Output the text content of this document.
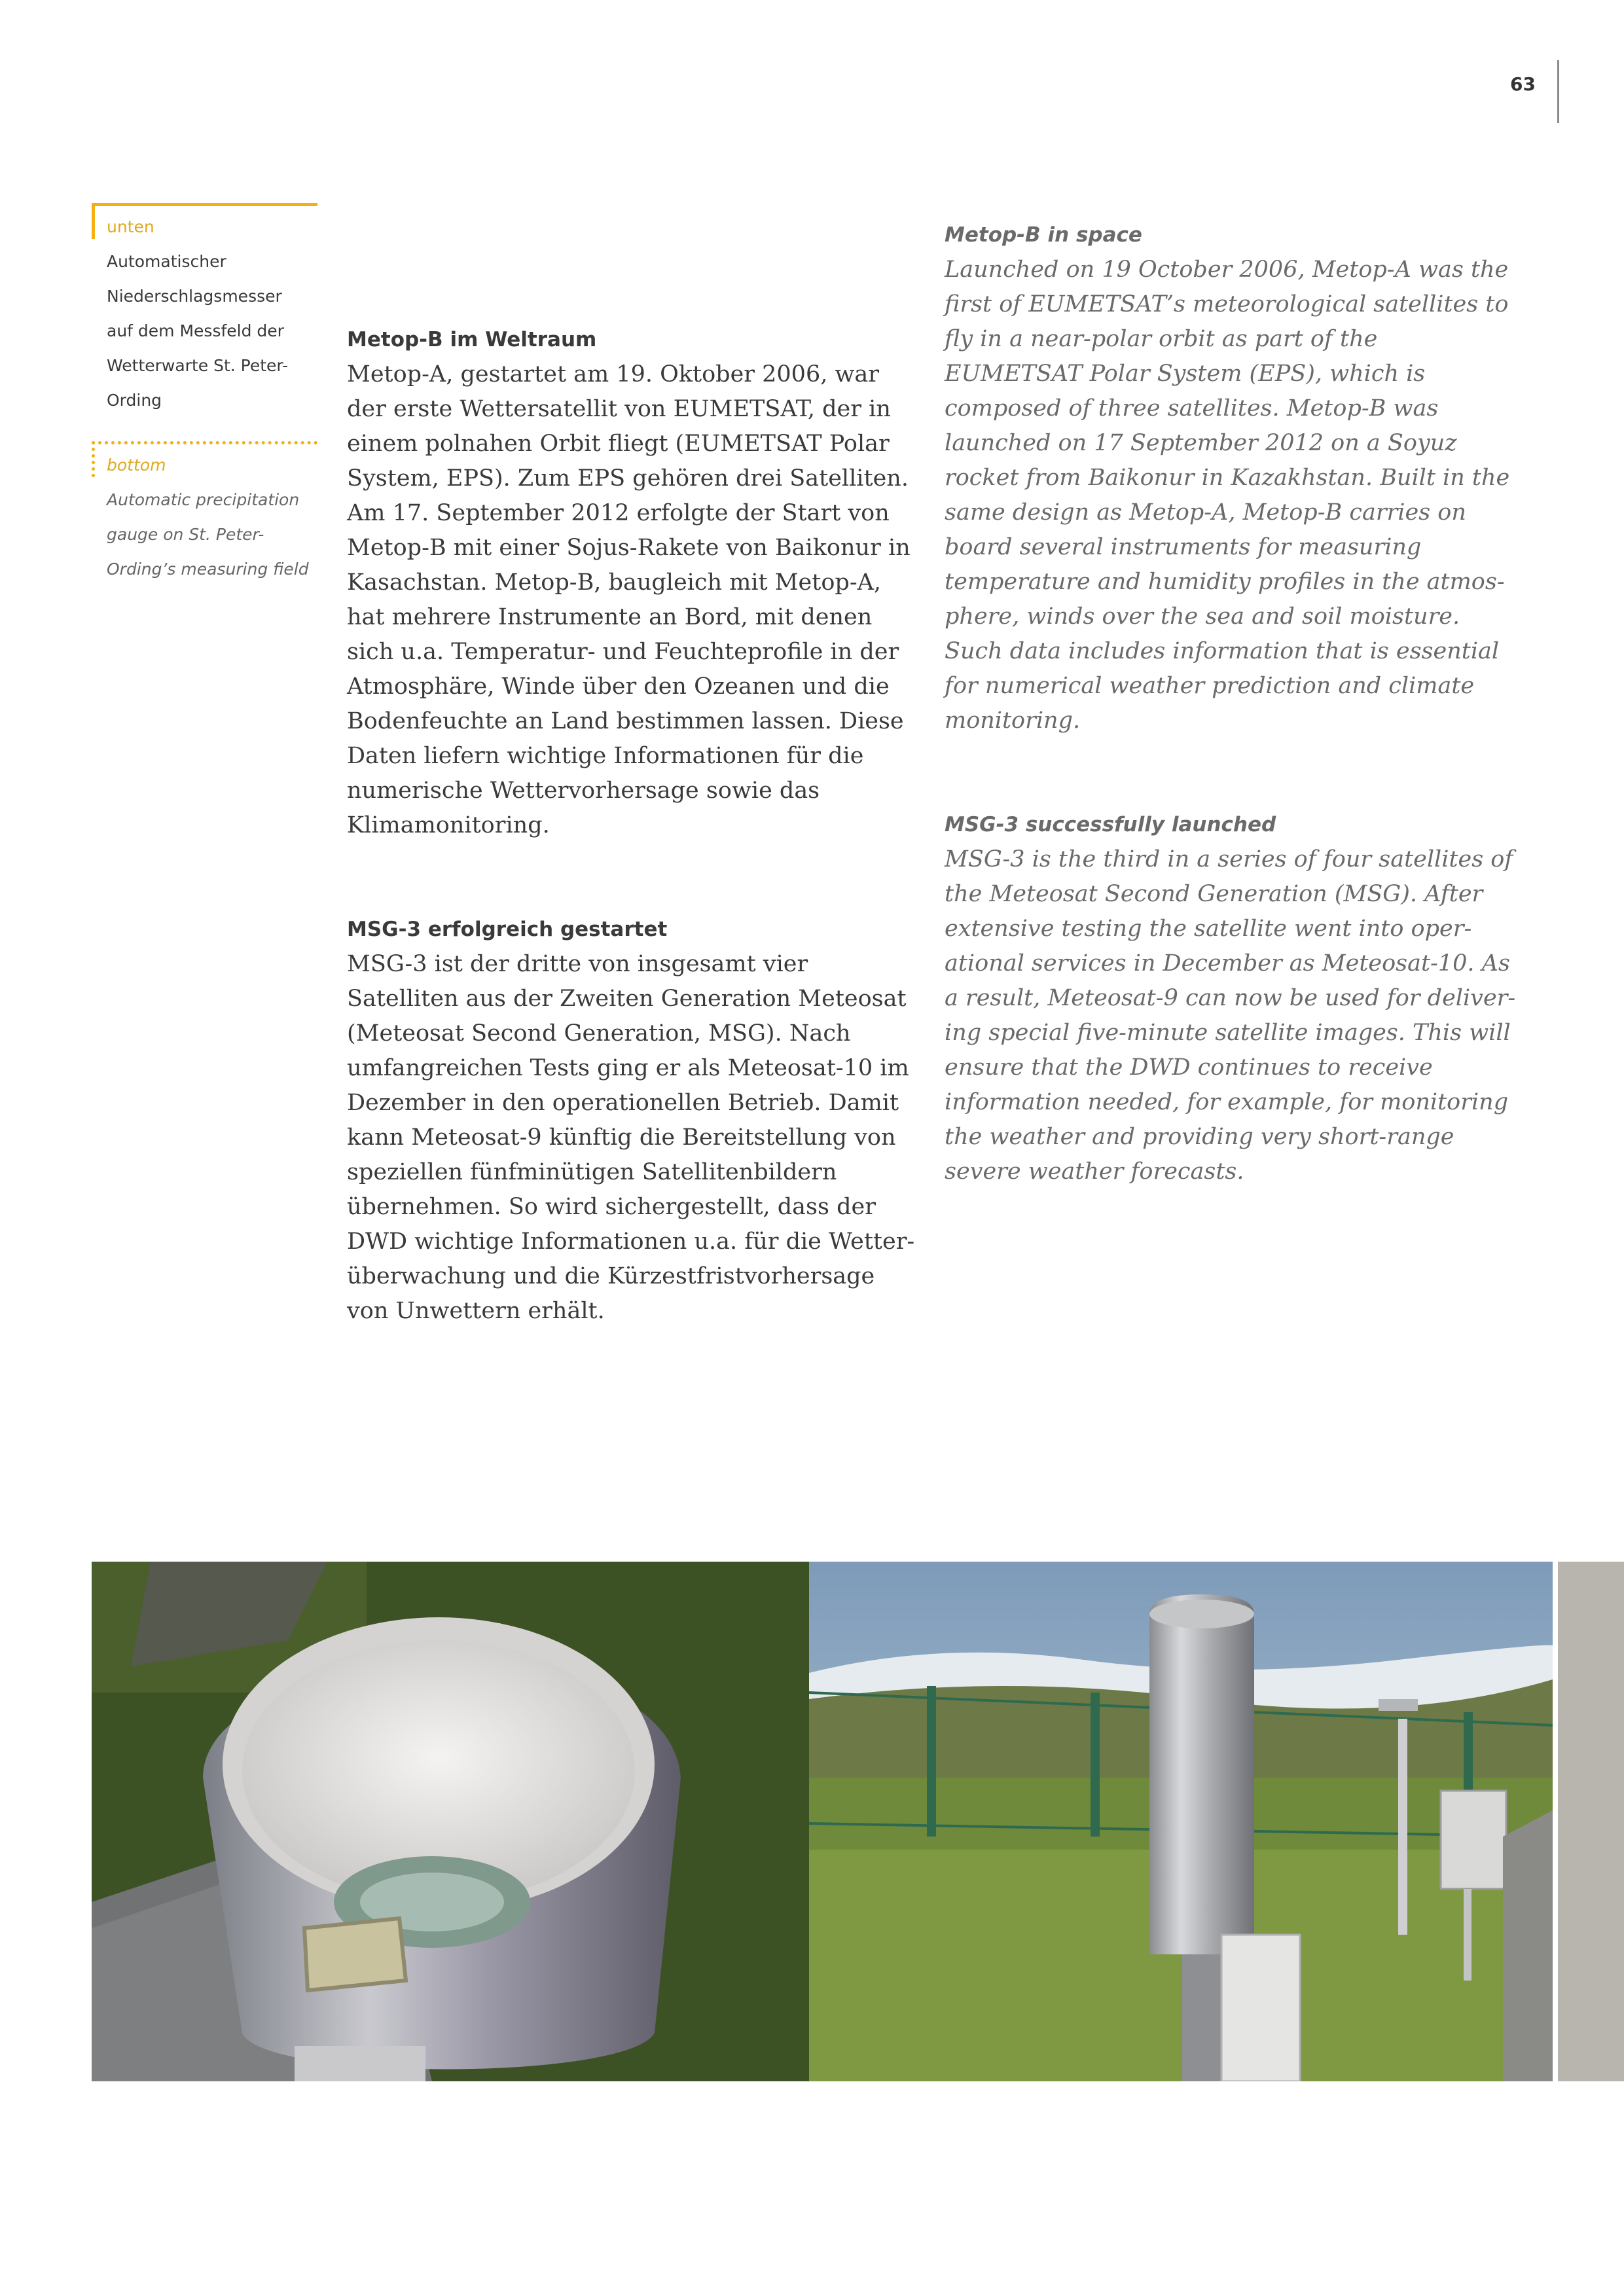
63
unten
Automatischer
Niederschlagsmesser
auf dem Messfeld der
Wetterwarte St. Peter-
Ording
bottom
Automatic precipitation
gauge on St. Peter-
Ording’s measuring field
Metop-B im Weltraum

Metop-A, gestartet am 19. Oktober 2006, war der erste Wettersatellit von EUMETSAT, der in einem polnahen Orbit fliegt (EUMETSAT Polar System, EPS). Zum EPS gehören drei Satelliten. Am 17. September 2012 erfolgte der Start von Metop-B mit einer Sojus-Rakete von Baikonur in Kasachstan. Metop-B, baugleich mit Metop-A, hat mehrere Instrumente an Bord, mit denen sich u.a. Temperatur- und Feuchteprofile in der Atmosphäre, Winde über den Ozeanen und die Bodenfeuchte an Land bestimmen lassen. Diese Daten liefern wichtige Informationen für die numerische Wettervorhersage sowie das Klimamonitoring.

MSG-3 erfolgreich gestartet

MSG-3 ist der dritte von insgesamt vier Satelliten aus der Zweiten Generation Meteosat (Meteosat Second Generation, MSG). Nach umfangreichen Tests ging er als Meteosat-10 im Dezember in den operationellen Betrieb. Damit kann Meteosat-9 künftig die Bereitstellung von speziellen fünfminütigen Satellitenbildern übernehmen. So wird sichergestellt, dass der DWD wichtige Informationen u.a. für die Wetter-überwachung und die Kürzestfristvorhersage von Unwettern erhält.

Metop-B in space

Launched on 19 October 2006, Metop-A was the first of EUMETSAT’s meteorological satellites to fly in a near-polar orbit as part of the EUMETSAT Polar System (EPS), which is composed of three satellites. Metop-B was launched on 17 September 2012 on a Soyuz rocket from Baikonur in Kazakhstan. Built in the same design as Metop-A, Metop-B carries on board several instruments for measuring temperature and humidity profiles in the atmos-phere, winds over the sea and soil moisture. Such data includes information that is essential for numerical weather prediction and climate monitoring.

MSG-3 successfully launched

MSG-3 is the third in a series of four satellites of the Meteosat Second Generation (MSG). After extensive testing the satellite went into oper-ational services in December as Meteosat-10. As a result, Meteosat-9 can now be used for deliver-ing special five-minute satellite images. This will ensure that the DWD continues to receive information needed, for example, for monitoring the weather and providing very short-range severe weather forecasts.
